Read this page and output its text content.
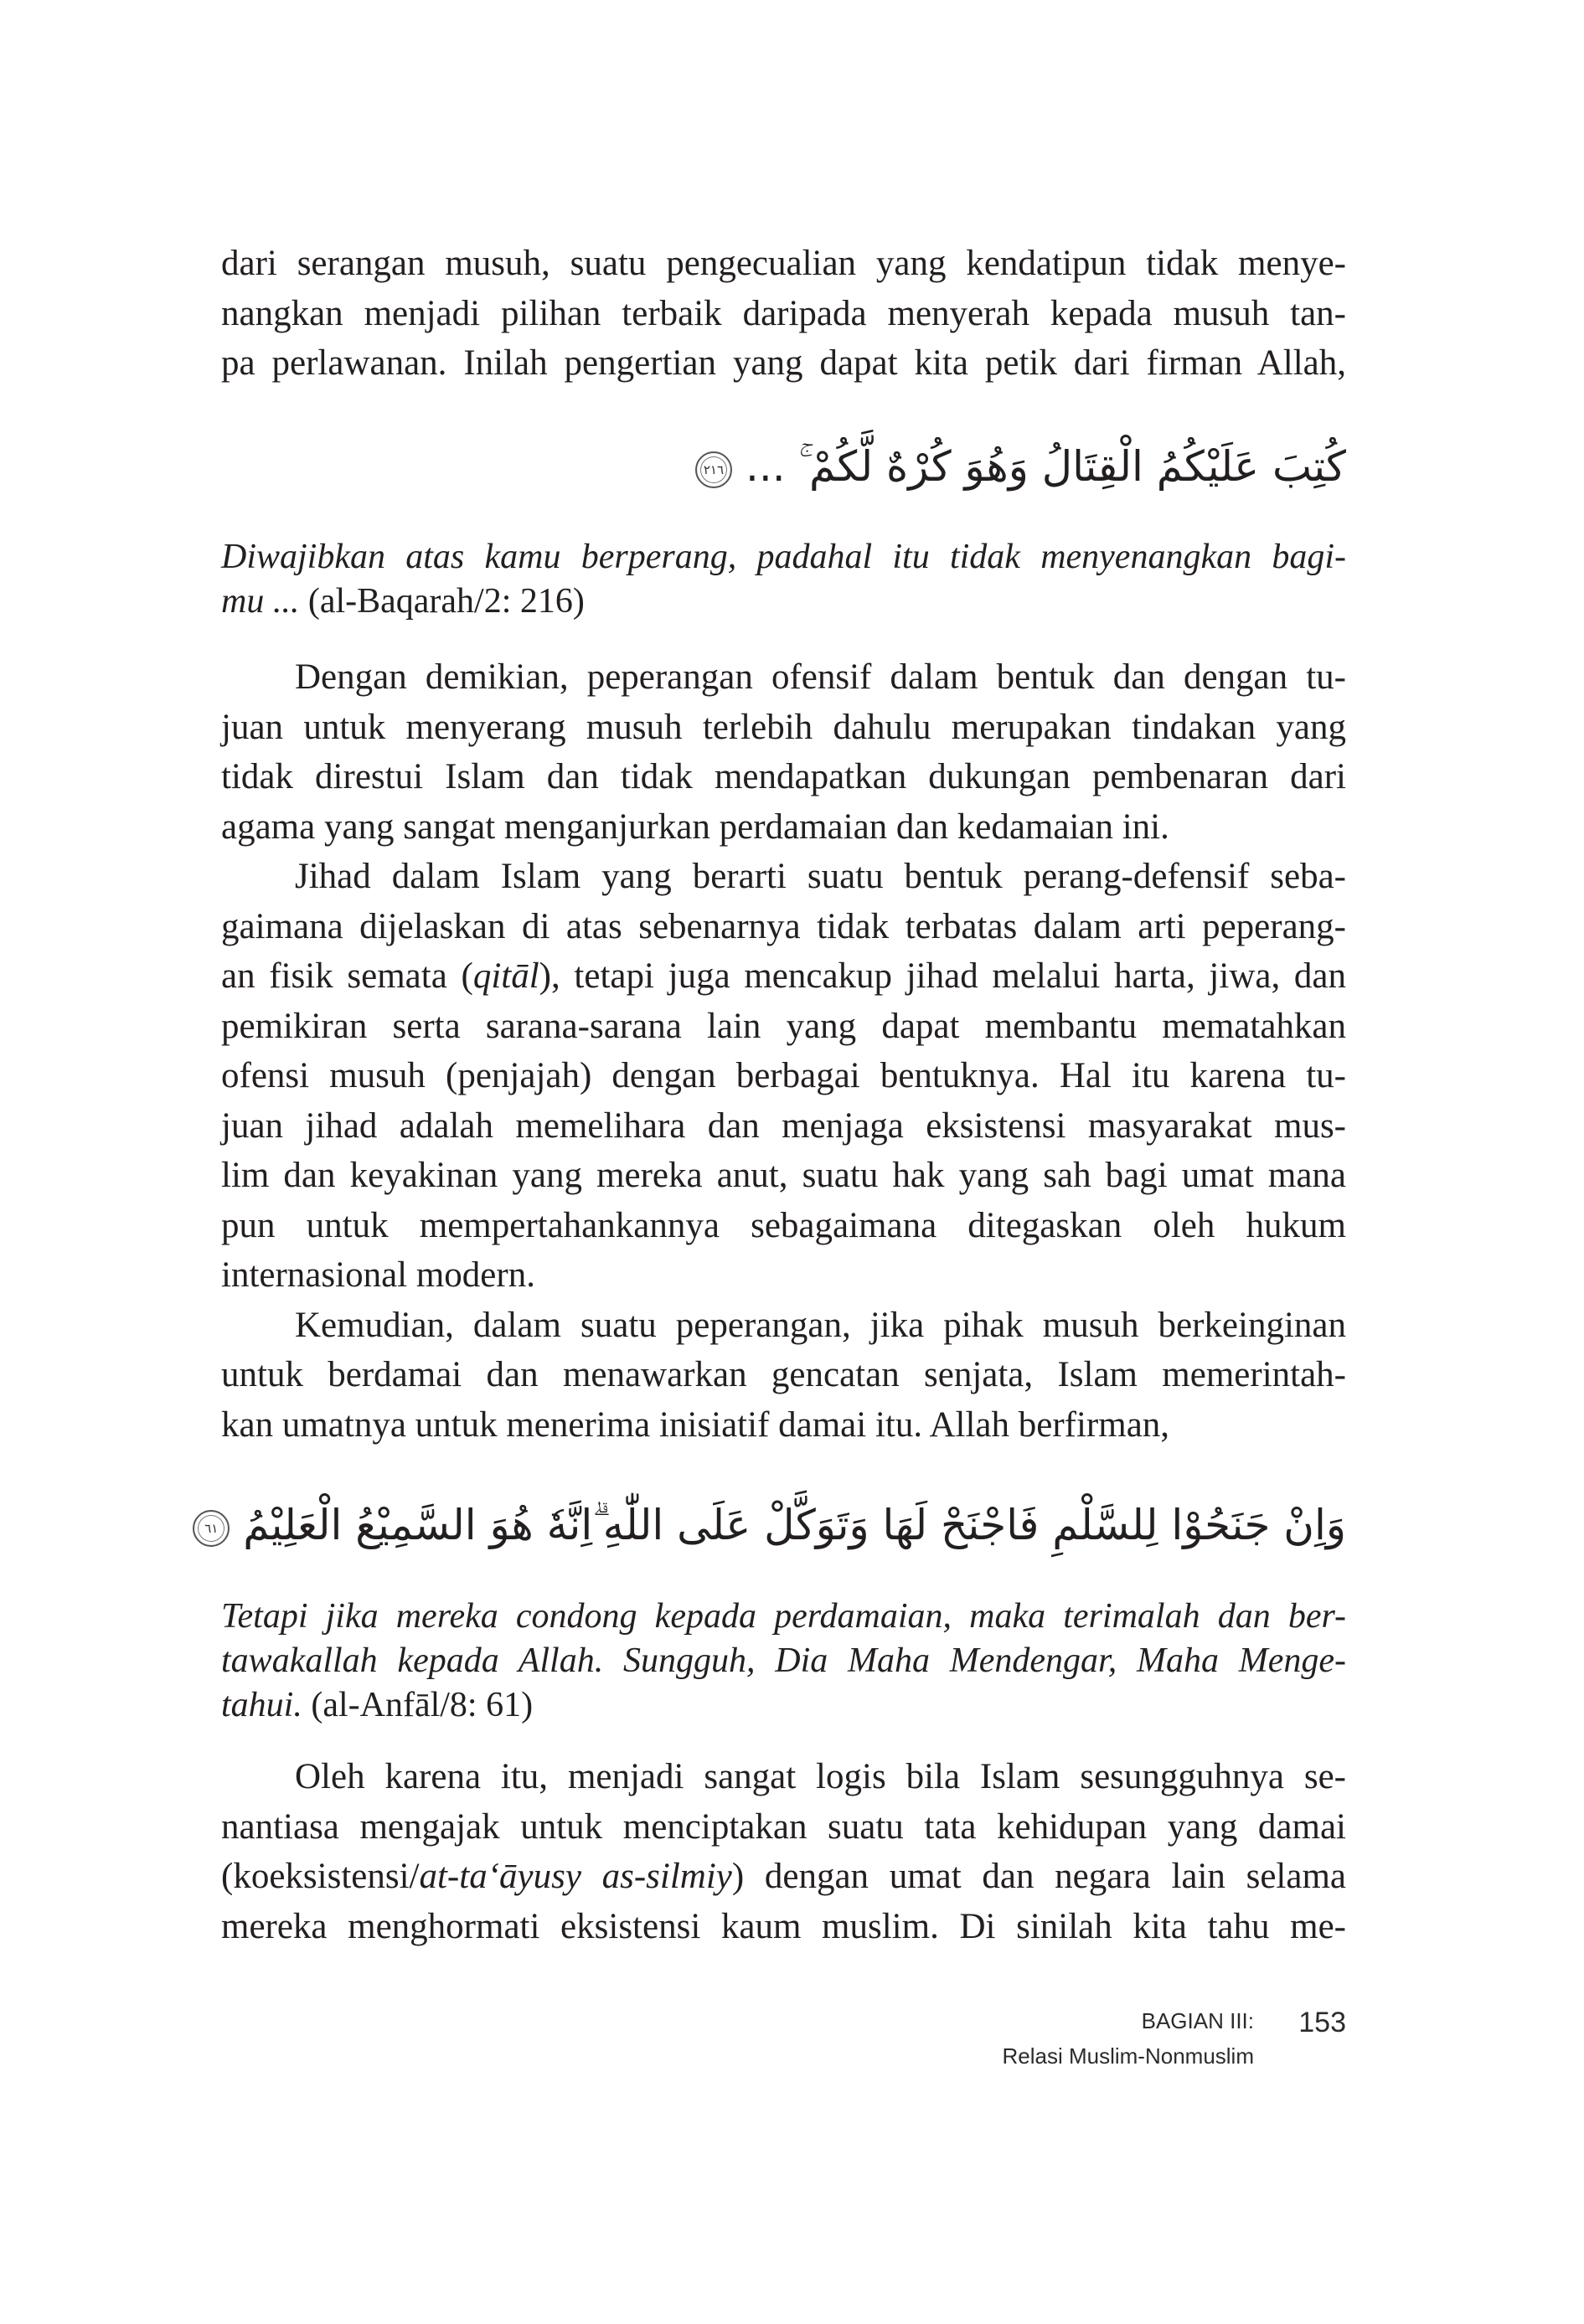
dari serangan musuh, suatu pengecualian yang kendatipun tidak menye-
nangkan menjadi pilihan terbaik daripada menyerah kepada musuh tan-
pa perlawanan. Inilah pengertian yang dapat kita petik dari firman Allah,
كُتِبَ عَلَيْكُمُ الْقِتَالُ وَهُوَ كُرْهٌ لَّكُمْ ۚ ...٢١٦
Diwajibkan atas kamu berperang, padahal itu tidak menyenangkan bagi-
mu ... (al-Baqarah/2: 216)
Dengan demikian, peperangan ofensif dalam bentuk dan dengan tu-
juan untuk menyerang musuh terlebih dahulu merupakan tindakan yang
tidak direstui Islam dan tidak mendapatkan dukungan pembenaran dari
agama yang sangat menganjurkan perdamaian dan kedamaian ini.
Jihad dalam Islam yang berarti suatu bentuk perang-defensif seba-
gaimana dijelaskan di atas sebenarnya tidak terbatas dalam arti peperang-
an fisik semata (qitāl), tetapi juga mencakup jihad melalui harta, jiwa, dan
pemikiran serta sarana-sarana lain yang dapat membantu mematahkan
ofensi musuh (penjajah) dengan berbagai bentuknya. Hal itu karena tu-
juan jihad adalah memelihara dan menjaga eksistensi masyarakat mus-
lim dan keyakinan yang mereka anut, suatu hak yang sah bagi umat mana
pun untuk mempertahankannya sebagaimana ditegaskan oleh hukum
internasional modern.
Kemudian, dalam suatu peperangan, jika pihak musuh berkeinginan
untuk berdamai dan menawarkan gencatan senjata, Islam memerintah-
kan umatnya untuk menerima inisiatif damai itu. Allah berfirman,
وَاِنْ جَنَحُوْا لِلسَّلْمِ فَاجْنَحْ لَهَا وَتَوَكَّلْ عَلَى اللّٰهِ ۗاِنَّهٗ هُوَ السَّمِيْعُ الْعَلِيْمُ٦١
Tetapi jika mereka condong kepada perdamaian, maka terimalah dan ber-
tawakallah kepada Allah. Sungguh, Dia Maha Mendengar, Maha Menge-
tahui. (al-Anfāl/8: 61)
Oleh karena itu, menjadi sangat logis bila Islam sesungguhnya se-
nantiasa mengajak untuk menciptakan suatu tata kehidupan yang damai
(koeksistensi/at-ta‘āyusy as-silmiy) dengan umat dan negara lain selama
mereka menghormati eksistensi kaum muslim. Di sinilah kita tahu me-
BAGIAN III:
Relasi Muslim-Nonmuslim
153
